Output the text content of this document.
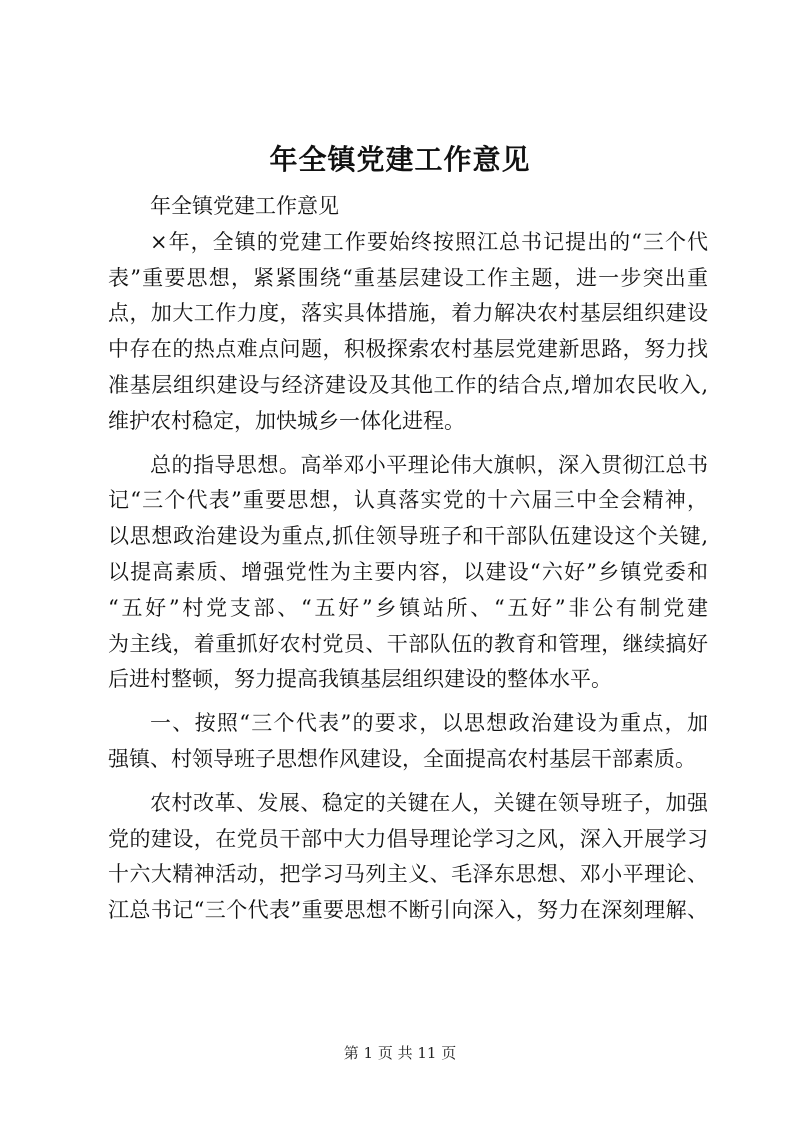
年全镇党建工作意见
年全镇党建工作意见
×年，全镇的党建工作要始终按照江总书记提出的“三个代
表”重要思想，紧紧围绕“重基层建设工作主题，进一步突出重
点，加大工作力度，落实具体措施，着力解决农村基层组织建设
中存在的热点难点问题，积极探索农村基层党建新思路，努力找
准基层组织建设与经济建设及其他工作的结合点,增加农民收入,
维护农村稳定，加快城乡一体化进程。
总的指导思想。高举邓小平理论伟大旗帜，深入贯彻江总书
记“三个代表”重要思想，认真落实党的十六届三中全会精神，
以思想政治建设为重点,抓住领导班子和干部队伍建设这个关键,
以提高素质、增强党性为主要内容，以建设“六好”乡镇党委和
“五好”村党支部、“五好”乡镇站所、“五好”非公有制党建
为主线，着重抓好农村党员、干部队伍的教育和管理，继续搞好
后进村整顿，努力提高我镇基层组织建设的整体水平。
一、按照“三个代表”的要求，以思想政治建设为重点，加
强镇、村领导班子思想作风建设，全面提高农村基层干部素质。
农村改革、发展、稳定的关键在人，关键在领导班子，加强
党的建设，在党员干部中大力倡导理论学习之风，深入开展学习
十六大精神活动，把学习马列主义、毛泽东思想、邓小平理论、
江总书记“三个代表”重要思想不断引向深入，努力在深刻理解、
第 1 页 共 11 页
